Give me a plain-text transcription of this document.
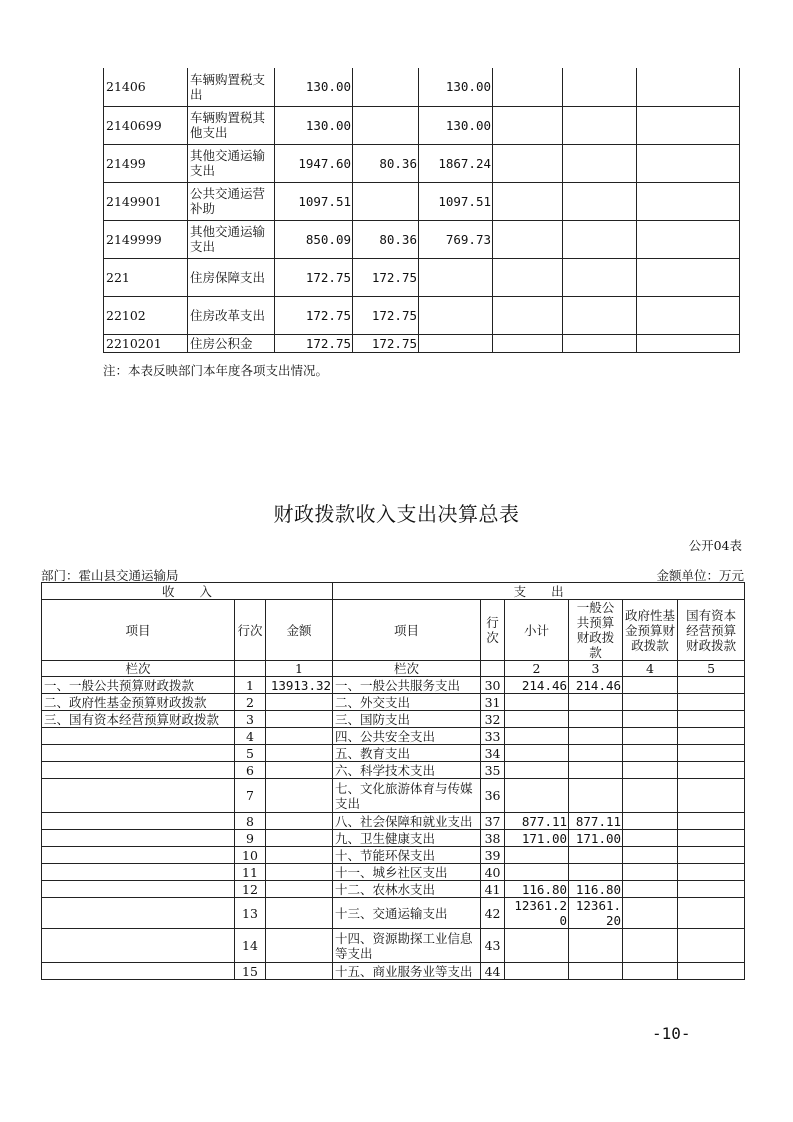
21406	车辆购置税支出	130.00		130.00			
2140699	车辆购置税其他支出	130.00		130.00			
21499	其他交通运输支出	1947.60	80.36	1867.24			
2149901	公共交通运营补助	1097.51		1097.51			
2149999	其他交通运输支出	850.09	80.36	769.73			
221	住房保障支出	172.75	172.75				
22102	住房改革支出	172.75	172.75				
2210201	住房公积金	172.75	172.75				
注：本表反映部门本年度各项支出情况。
财政拨款收入支出决算总表
公开04表
部门：霍山县交通运输局	金额单位：万元
收　　入			支　　出					
项目	行次	金额	项目	行次	小计	一般公共预算财政拨款	政府性基金预算财政拨款	国有资本经营预算财政拨款
栏次		1	栏次		2	3	4	5
一、一般公共预算财政拨款	1	13913.32	一、一般公共服务支出	30	214.46	214.46		
二、政府性基金预算财政拨款	2		二、外交支出	31				
三、国有资本经营预算财政拨款	3		三、国防支出	32				
	4		四、公共安全支出	33				
	5		五、教育支出	34				
	6		六、科学技术支出	35				
	7		七、文化旅游体育与传媒支出	36				
	8		八、社会保障和就业支出	37	877.11	877.11		
	9		九、卫生健康支出	38	171.00	171.00		
	10		十、节能环保支出	39				
	11		十一、城乡社区支出	40				
	12		十二、农林水支出	41	116.80	116.80		
	13		十三、交通运输支出	42	12361.20	12361.20		
	14		十四、资源勘探工业信息等支出	43				
	15		十五、商业服务业等支出	44				
-10-
